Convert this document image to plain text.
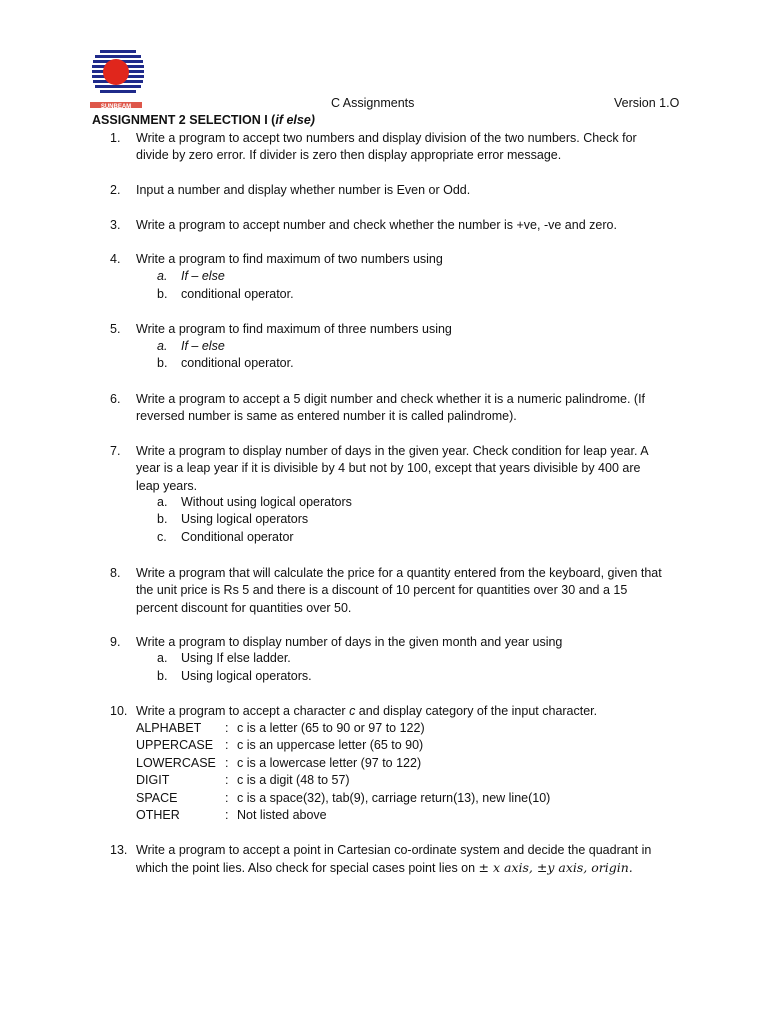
SUNBEAM	C Assignments	Version 1.O
ASSIGNMENT 2 SELECTION I (if else)
1.	Write a program to accept two numbers and display division of the two numbers. Check for divide by zero error. If divider is zero then display appropriate error message.
2.	Input a number and display whether number is Even or Odd.
3.	Write a program to accept number and check whether the number is +ve, -ve and zero.
4.	Write a program to find maximum of two numbers using
a. If – else
b. conditional operator.
5.	Write a program to find maximum of three numbers using
a. If – else
b. conditional operator.
6.	Write a program to accept a 5 digit number and check whether it is a numeric palindrome. (If reversed number is same as entered number it is called palindrome).
7.	Write a program to display number of days in the given year. Check condition for leap year. A year is a leap year if it is divisible by 4 but not by 100, except that years divisible by 400 are leap years.
a. Without using logical operators
b. Using logical operators
c. Conditional operator
8.	Write a program that will calculate the price for a quantity entered from the keyboard, given that the unit price is Rs 5 and there is a discount of 10 percent for quantities over 30 and a 15 percent discount for quantities over 50.
9.	Write a program to display number of days in the given month and year using
a. Using If else ladder.
b. Using logical operators.
10. Write a program to accept a character c and display category of the input character.
ALPHABET : c is a letter (65 to 90 or 97 to 122)
UPPERCASE : c is an uppercase letter (65 to 90)
LOWERCASE : c is a lowercase letter (97 to 122)
DIGIT	: c is a digit (48 to 57)
SPACE	: c is a space(32), tab(9), carriage return(13), new line(10)
OTHER	: Not listed above
13. Write a program to accept a point in Cartesian co-ordinate system and decide the quadrant in
which the point lies. Also check for special cases point lies on ± x axis, ±y axis, origin.
